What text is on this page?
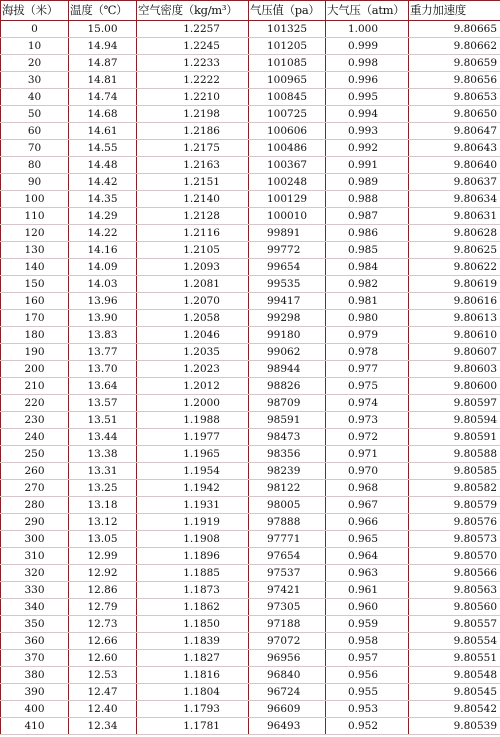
海拔（米）	温度（℃）	空气密度（kg/m³）	气压值（pa）	大气压（atm）	重力加速度
0	15.00	1.2257	101325	1.000	9.80665
10	14.94	1.2245	101205	0.999	9.80662
20	14.87	1.2233	101085	0.998	9.80659
30	14.81	1.2222	100965	0.996	9.80656
40	14.74	1.2210	100845	0.995	9.80653
50	14.68	1.2198	100725	0.994	9.80650
60	14.61	1.2186	100606	0.993	9.80647
70	14.55	1.2175	100486	0.992	9.80643
80	14.48	1.2163	100367	0.991	9.80640
90	14.42	1.2151	100248	0.989	9.80637
100	14.35	1.2140	100129	0.988	9.80634
110	14.29	1.2128	100010	0.987	9.80631
120	14.22	1.2116	99891	0.986	9.80628
130	14.16	1.2105	99772	0.985	9.80625
140	14.09	1.2093	99654	0.984	9.80622
150	14.03	1.2081	99535	0.982	9.80619
160	13.96	1.2070	99417	0.981	9.80616
170	13.90	1.2058	99298	0.980	9.80613
180	13.83	1.2046	99180	0.979	9.80610
190	13.77	1.2035	99062	0.978	9.80607
200	13.70	1.2023	98944	0.977	9.80603
210	13.64	1.2012	98826	0.975	9.80600
220	13.57	1.2000	98709	0.974	9.80597
230	13.51	1.1988	98591	0.973	9.80594
240	13.44	1.1977	98473	0.972	9.80591
250	13.38	1.1965	98356	0.971	9.80588
260	13.31	1.1954	98239	0.970	9.80585
270	13.25	1.1942	98122	0.968	9.80582
280	13.18	1.1931	98005	0.967	9.80579
290	13.12	1.1919	97888	0.966	9.80576
300	13.05	1.1908	97771	0.965	9.80573
310	12.99	1.1896	97654	0.964	9.80570
320	12.92	1.1885	97537	0.963	9.80566
330	12.86	1.1873	97421	0.961	9.80563
340	12.79	1.1862	97305	0.960	9.80560
350	12.73	1.1850	97188	0.959	9.80557
360	12.66	1.1839	97072	0.958	9.80554
370	12.60	1.1827	96956	0.957	9.80551
380	12.53	1.1816	96840	0.956	9.80548
390	12.47	1.1804	96724	0.955	9.80545
400	12.40	1.1793	96609	0.953	9.80542
410	12.34	1.1781	96493	0.952	9.80539
